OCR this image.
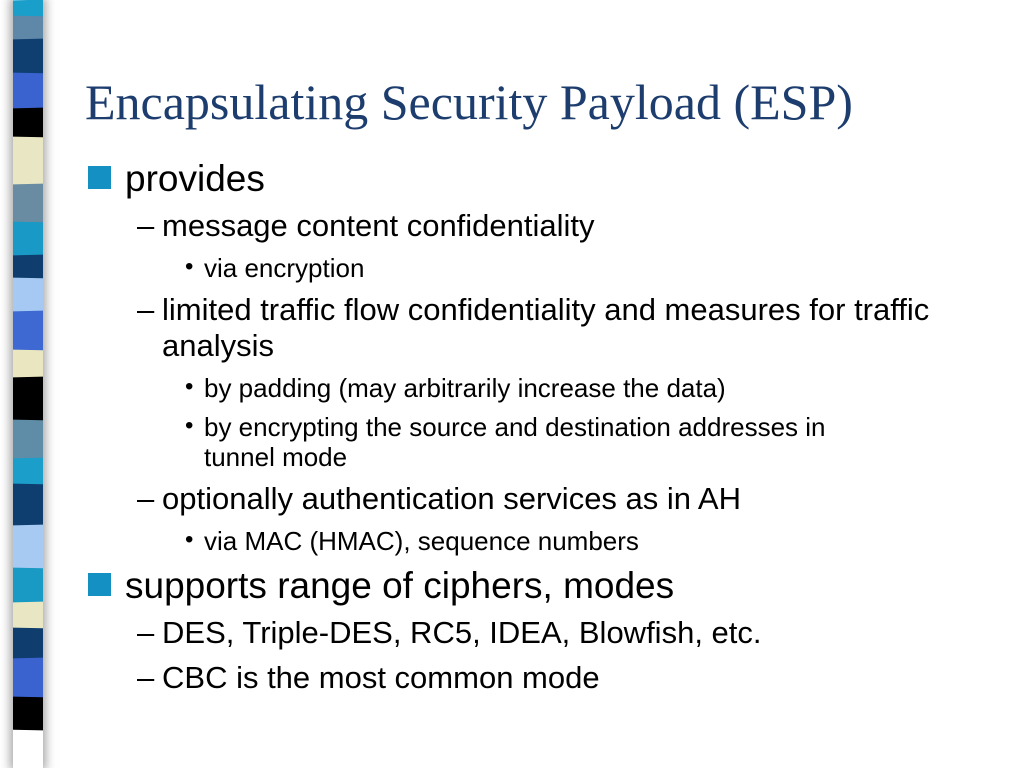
Encapsulating Security Payload (ESP)
provides
– message content confidentiality
• via encryption
– limited traffic flow confidentiality and measures for traffic analysis
• by padding (may arbitrarily increase the data)
• by encrypting the source and destination addresses in tunnel mode
– optionally authentication services as in AH
• via MAC (HMAC), sequence numbers
supports range of ciphers, modes
– DES, Triple-DES, RC5, IDEA, Blowfish, etc.
– CBC is the most common mode
